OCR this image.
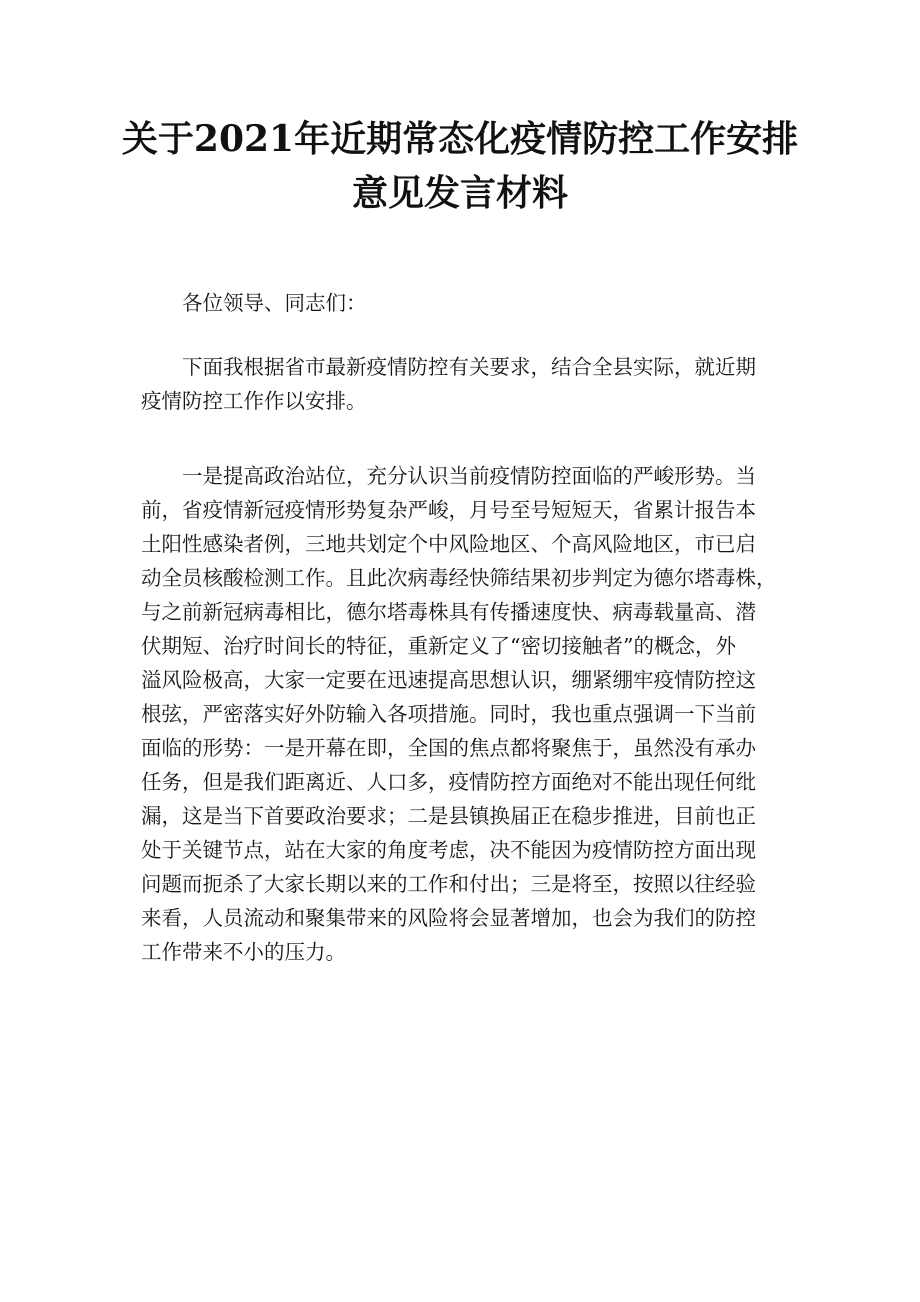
关于2021年近期常态化疫情防控工作安排
意见发言材料
各位领导、同志们：
下面我根据省市最新疫情防控有关要求，结合全县实际，就近期
疫情防控工作作以安排。
一是提高政治站位，充分认识当前疫情防控面临的严峻形势。当
前，省疫情新冠疫情形势复杂严峻，月号至号短短天，省累计报告本
土阳性感染者例，三地共划定个中风险地区、个高风险地区，市已启
动全员核酸检测工作。且此次病毒经快筛结果初步判定为德尔塔毒株，
与之前新冠病毒相比，德尔塔毒株具有传播速度快、病毒载量高、潜
伏期短、治疗时间长的特征，重新定义了“密切接触者”的概念，外
溢风险极高，大家一定要在迅速提高思想认识，绷紧绷牢疫情防控这
根弦，严密落实好外防输入各项措施。同时，我也重点强调一下当前
面临的形势：一是开幕在即，全国的焦点都将聚焦于，虽然没有承办
任务，但是我们距离近、人口多，疫情防控方面绝对不能出现任何纰
漏，这是当下首要政治要求；二是县镇换届正在稳步推进，目前也正
处于关键节点，站在大家的角度考虑，决不能因为疫情防控方面出现
问题而扼杀了大家长期以来的工作和付出；三是将至，按照以往经验
来看，人员流动和聚集带来的风险将会显著增加，也会为我们的防控
工作带来不小的压力。
